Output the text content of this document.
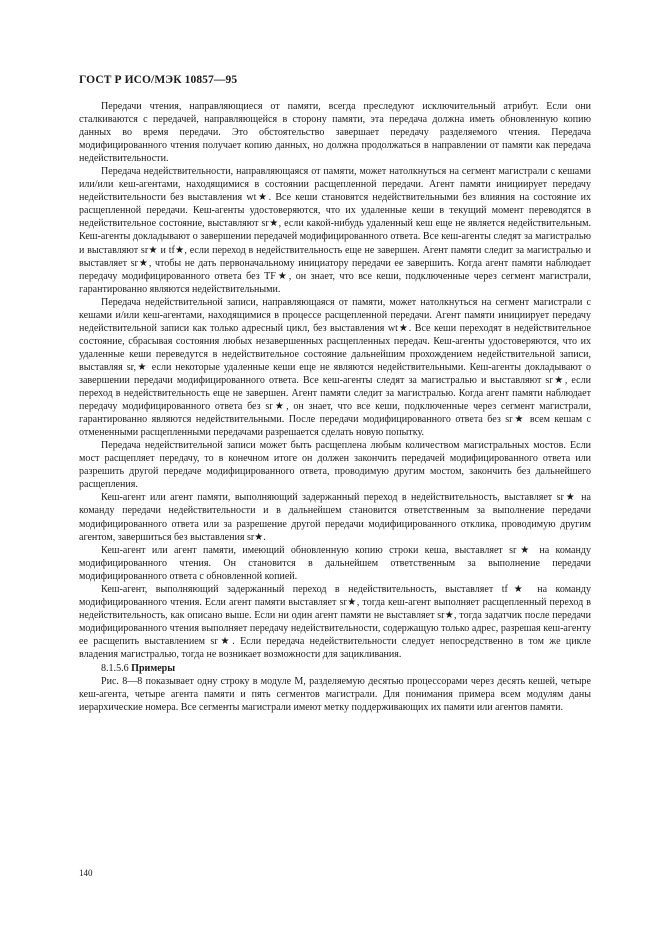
ГОСТ Р ИСО/МЭК 10857—95

Передачи чтения, направляющиеся от памяти, всегда преследуют исключительный атрибут. Если они сталкиваются с передачей, направляющейся в сторону памяти, эта передача должна иметь обновленную копию данных во время передачи. Это обстоятельство завершает передачу разделяемого чтения. Передача модифицированного чтения получает копию данных, но должна продолжаться в направлении от памяти как передача недействительности.

Передача недействительности, направляющаяся от памяти, может натолкнуться на сегмент магистрали с кешами или/или кеш-агентами, находящимися в состоянии расщепленной передачи. Агент памяти инициирует передачу недействительности без выставления wt★. Все кеши становятся недействительными без влияния на состояние их расщепленной передачи. Кеш-агенты удостоверяются, что их удаленные кеши в текущий момент переводятся в недействительное состояние, выставляют sr★, если какой-нибудь удаленный кеш еще не является недействительным. Кеш-агенты докладывают о завершении передачей модифицированного ответа. Все кеш-агенты следят за магистралью и выставляют sr★ и tf★, если переход в недействительность еще не завершен. Агент памяти следит за магистралью и выставляет sr★, чтобы не дать первоначальному инициатору передачи ее завершить. Когда агент памяти наблюдает передачу модифицированного ответа без TF★, он знает, что все кеши, подключенные через сегмент магистрали, гарантированно являются недействительными.

Передача недействительной записи, направляющаяся от памяти, может натолкнуться на сегмент магистрали с кешами и/или кеш-агентами, находящимися в процессе расщепленной передачи. Агент памяти инициирует передачу недействительной записи как только адресный цикл, без выставления wt★. Все кеши переходят в недействительное состояние, сбрасывая состояния любых незавершенных расщепленных передач. Кеш-агенты удостоверяются, что их удаленные кеши переведутся в недействительное состояние дальнейшим прохождением недействительной записи, выставляя sr,★ если некоторые удаленные кеши еще не являются недействительными. Кеш-агенты докладывают о завершении передачи модифицированного ответа. Все кеш-агенты следят за магистралью и выставляют sr★, если переход в недействительность еще не завершен. Агент памяти следит за магистралью. Когда агент памяти наблюдает передачу модифицированного ответа без sr★, он знает, что все кеши, подключенные через сегмент магистрали, гарантированно являются недействительными. После передачи модифицированного ответа без sr★ всем кешам с отмененными расщепленными передачами разрешается сделать новую попытку.

Передача недействительной записи может быть расщеплена любым количеством магистральных мостов. Если мост расщепляет передачу, то в конечном итоге он должен закончить передачей модифицированного ответа или разрешить другой передаче модифицированного ответа, проводимую другим мостом, закончить без дальнейшего расщепления.

Кеш-агент или агент памяти, выполняющий задержанный переход в недействительность, выставляет sr★ на команду передачи недействительности и в дальнейшем становится ответственным за выполнение передачи модифицированного ответа или за разрешение другой передачи модифицированного отклика, проводимую другим агентом, завершиться без выставления sr★.

Кеш-агент или агент памяти, имеющий обновленную копию строки кеша, выставляет sr★ на команду модифицированного чтения. Он становится в дальнейшем ответственным за выполнение передачи модифицированного ответа с обновленной копией.

Кеш-агент, выполняющий задержанный переход в недействительность, выставляет tf★ на команду модифицированного чтения. Если агент памяти выставляет sr★, тогда кеш-агент выполняет расщепленный переход в недействительность, как описано выше. Если ни один агент памяти не выставляет sr★, тогда задатчик после передачи модифицированного чтения выполняет передачу недействительности, содержащую только адрес, разрешая кеш-агенту ее расщепить выставлением sr★. Если передача недействительности следует непосредственно в том же цикле владения магистралью, тогда не возникает возможности для зацикливания.

8.1.5.6 Примеры

Рис. 8—8 показывает одну строку в модуле М, разделяемую десятью процессорами через десять кешей, четыре кеш-агента, четыре агента памяти и пять сегментов магистрали. Для понимания примера всем модулям даны иерархические номера. Все сегменты магистрали имеют метку поддерживающих их памяти или агентов памяти.

140
